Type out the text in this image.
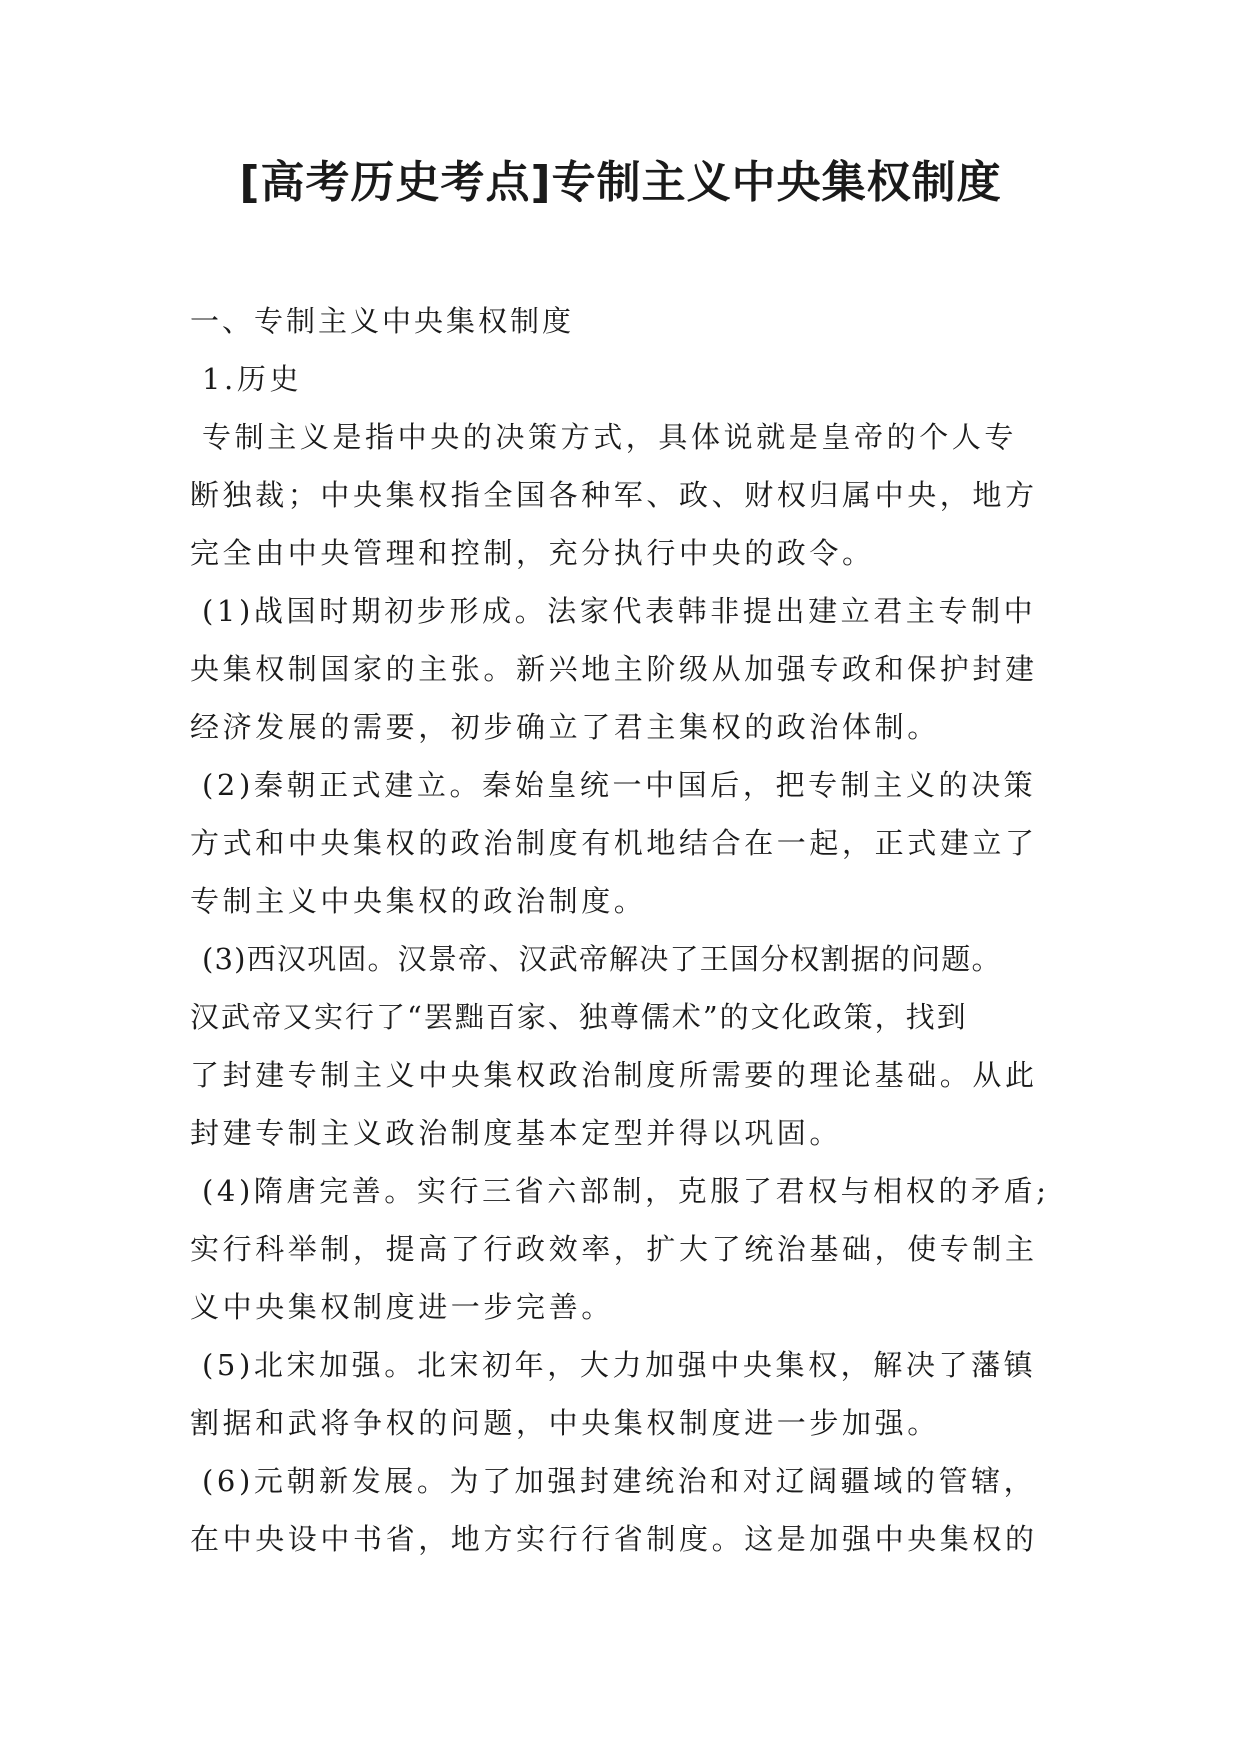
[高考历史考点]专制主义中央集权制度

一、专制主义中央集权制度

1.历史

专制主义是指中央的决策方式，具体说就是皇帝的个人专

断独裁；中央集权指全国各种军、政、财权归属中央，地方

完全由中央管理和控制，充分执行中央的政令。

(1)战国时期初步形成。法家代表韩非提出建立君主专制中

央集权制国家的主张。新兴地主阶级从加强专政和保护封建

经济发展的需要，初步确立了君主集权的政治体制。

(2)秦朝正式建立。秦始皇统一中国后，把专制主义的决策

方式和中央集权的政治制度有机地结合在一起，正式建立了

专制主义中央集权的政治制度。

(3)西汉巩固。汉景帝、汉武帝解决了王国分权割据的问题。

汉武帝又实行了“罢黜百家、独尊儒术”的文化政策，找到

了封建专制主义中央集权政治制度所需要的理论基础。从此

封建专制主义政治制度基本定型并得以巩固。

(4)隋唐完善。实行三省六部制，克服了君权与相权的矛盾;

实行科举制，提高了行政效率，扩大了统治基础，使专制主

义中央集权制度进一步完善。

(5)北宋加强。北宋初年，大力加强中央集权，解决了藩镇

割据和武将争权的问题，中央集权制度进一步加强。

(6)元朝新发展。为了加强封建统治和对辽阔疆域的管辖，

在中央设中书省，地方实行行省制度。这是加强中央集权的
